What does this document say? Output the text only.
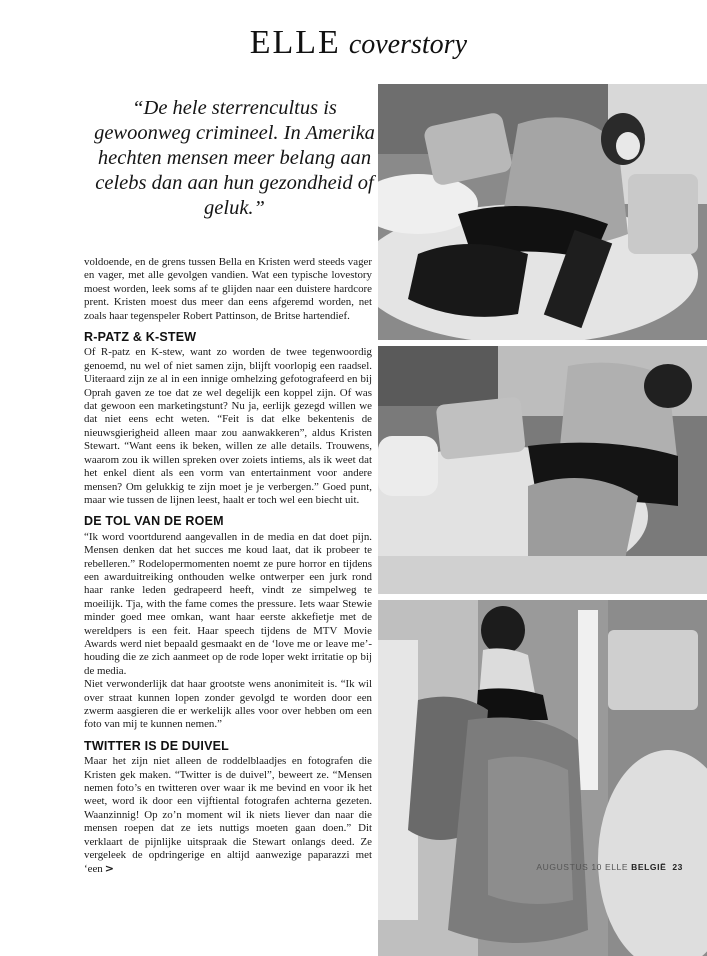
ELLE coverstory
“De hele sterrencultus is gewoonweg crimineel. In Amerika hechten mensen meer belang aan celebs dan aan hun gezondheid of geluk.”

voldoende, en de grens tussen Bella en Kristen werd steeds vager en vager, met alle gevolgen vandien. Wat een typische lovestory moest worden, leek soms af te glijden naar een duistere hardcore prent. Kristen moest dus meer dan eens afgeremd worden, net zoals haar tegenspeler Robert Pattinson, de Britse hartendief.

R-PATZ & K-STEW

Of R-patz en K-stew, want zo worden de twee tegenwoordig genoemd, nu wel of niet samen zijn, blijft voorlopig een raadsel. Uiteraard zijn ze al in een innige omhelzing gefotografeerd en bij Oprah gaven ze toe dat ze wel degelijk een koppel zijn. Of was dat gewoon een marketingstunt? Nu ja, eerlijk gezegd willen we dat niet eens echt weten. “Feit is dat elke bekentenis de nieuwsgierigheid alleen maar zou aanwakkeren”, aldus Kristen Stewart. “Want eens ik beken, willen ze alle details. Trouwens, waarom zou ik willen spreken over zoiets intiems, als ik weet dat het enkel dient als een vorm van entertainment voor andere mensen? Om gelukkig te zijn moet je je verbergen.” Goed punt, maar wie tussen de lijnen leest, haalt er toch wel een biecht uit.

DE TOL VAN DE ROEM

“Ik word voortdurend aangevallen in de media en dat doet pijn. Mensen denken dat het succes me koud laat, dat ik probeer te rebelleren.” Rodelopermomenten noemt ze pure horror en tijdens een awarduitreiking onthouden welke ontwerper een jurk rond haar ranke leden gedrapeerd heeft, vindt ze simpelweg te moeilijk. Tja, with the fame comes the pressure. Iets waar Stewie minder goed mee omkan, want haar eerste akkefietje met de wereldpers is een feit. Haar speech tijdens de MTV Movie Awards werd niet bepaald gesmaakt en de ‘love me or leave me’-houding die ze zich aanmeet op de rode loper wekt irritatie op bij de media.

Niet verwonderlijk dat haar grootste wens anonimiteit is. “Ik wil over straat kunnen lopen zonder gevolgd te worden door een zwerm aasgieren die er werkelijk alles voor over hebben om een foto van mij te kunnen nemen.”

TWITTER IS DE DUIVEL

Maar het zijn niet alleen de roddelblaadjes en fotografen die Kristen gek maken. “Twitter is de duivel”, beweert ze. “Mensen nemen foto’s en twitteren over waar ik me bevind en voor ik het weet, word ik door een vijftiental fotografen achterna gezeten. Waanzinnig! Op zo’n moment wil ik niets liever dan naar die mensen roepen dat ze iets nuttigs moeten gaan doen.” Dit verklaart de pijnlijke uitspraak die Stewart onlangs deed. Ze vergeleek de opdringerige en altijd aanwezige paparazzi met ‘een >	AUGUSTUS 10 ELLE BELGIË 23
